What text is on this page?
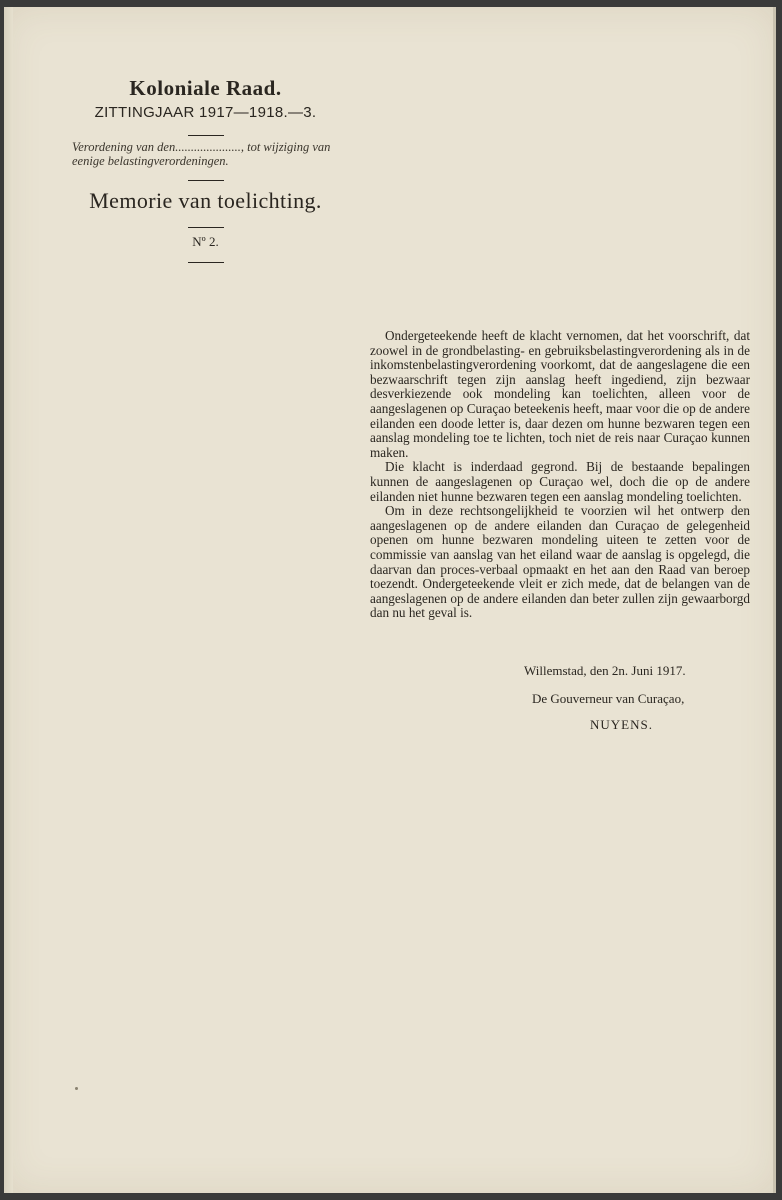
Koloniale Raad.
ZITTINGJAAR 1917—1918.—3.
Verordening van den....................., tot wijziging van eenige belastingverordeningen.
Memorie van toelichting.
Nº 2.

Ondergeteekende heeft de klacht vernomen, dat het voorschrift, dat zoowel in de grondbelasting- en gebruiksbelastingverordening als in de inkomstenbelastingverordening voorkomt, dat de aangeslagene die een bezwaarschrift tegen zijn aanslag heeft ingediend, zijn bezwaar desverkiezende ook mondeling kan toelichten, alleen voor de aangeslagenen op Curaçao beteekenis heeft, maar voor die op de andere eilanden een doode letter is, daar dezen om hunne bezwaren tegen een aanslag mondeling toe te lichten, toch niet de reis naar Curaçao kunnen maken.

Die klacht is inderdaad gegrond. Bij de bestaande bepalingen kunnen de aangeslagenen op Curaçao wel, doch die op de andere eilanden niet hunne bezwaren tegen een aanslag mondeling toelichten.

Om in deze rechtsongelijkheid te voorzien wil het ontwerp den aangeslagenen op de andere eilanden dan Curaçao de gelegenheid openen om hunne bezwaren mondeling uiteen te zetten voor de commissie van aanslag van het eiland waar de aanslag is opgelegd, die daarvan dan proces-verbaal opmaakt en het aan den Raad van beroep toezendt. Ondergeteekende vleit er zich mede, dat de belangen van de aangeslagenen op de andere eilanden dan beter zullen zijn gewaarborgd dan nu het geval is.

Willemstad, den 2n. Juni 1917.
De Gouverneur van Curaçao,
NUYENS.
